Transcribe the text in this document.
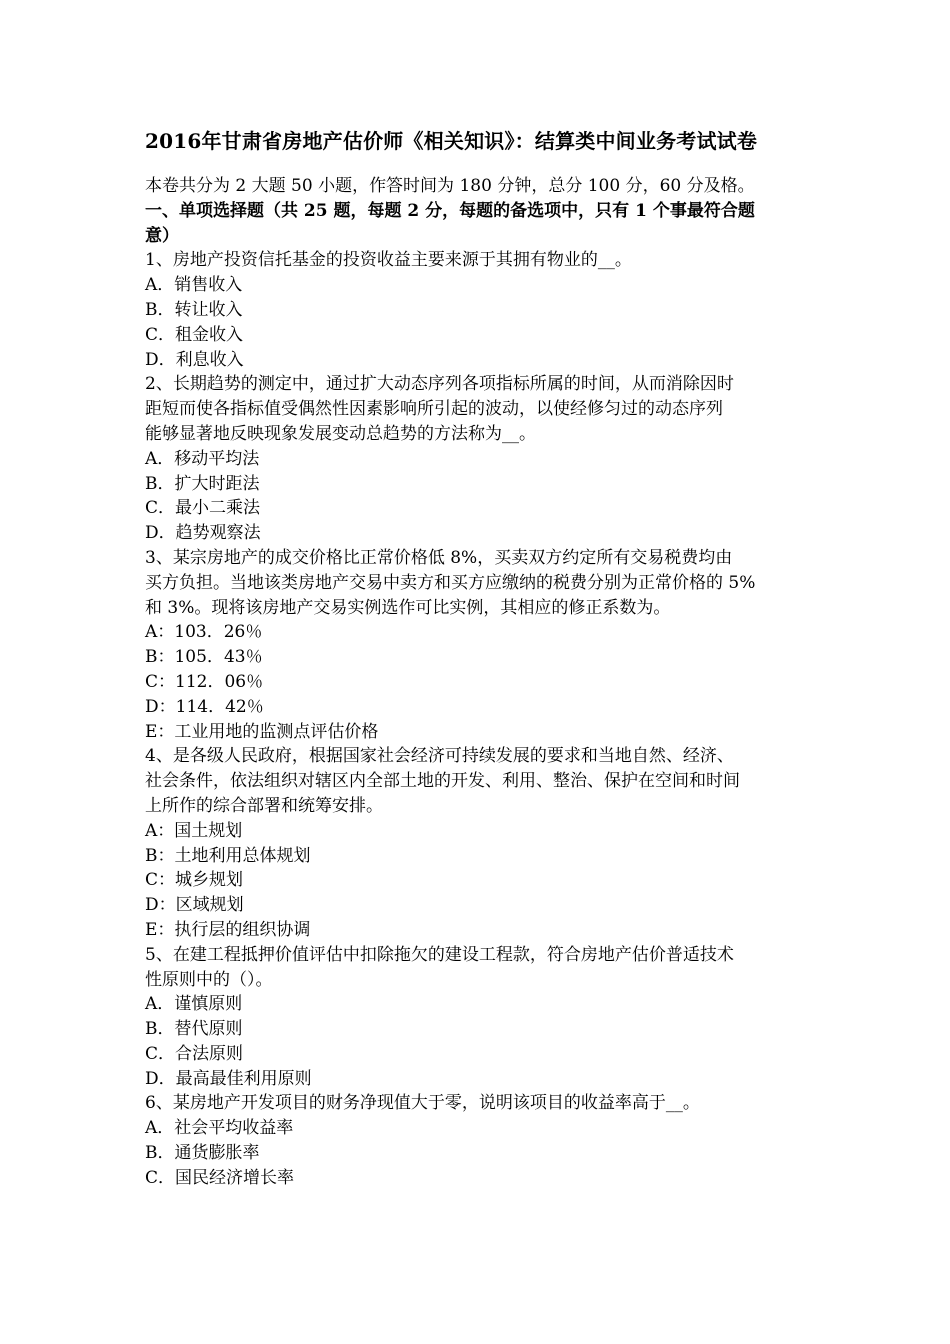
2016年甘肃省房地产估价师《相关知识》：结算类中间业务考试试卷
本卷共分为 2 大题 50 小题，作答时间为 180 分钟，总分 100 分，60 分及格。
一、单项选择题（共 25 题，每题 2 分，每题的备选项中，只有 1 个事最符合题
意）
1、房地产投资信托基金的投资收益主要来源于其拥有物业的__。
A．销售收入
B．转让收入
C．租金收入
D．利息收入
2、长期趋势的测定中，通过扩大动态序列各项指标所属的时间，从而消除因时
距短而使各指标值受偶然性因素影响所引起的波动，以使经修匀过的动态序列
能够显著地反映现象发展变动总趋势的方法称为__。
A．移动平均法
B．扩大时距法
C．最小二乘法
D．趋势观察法
3、某宗房地产的成交价格比正常价格低 8%，买卖双方约定所有交易税费均由
买方负担。当地该类房地产交易中卖方和买方应缴纳的税费分别为正常价格的 5%
和 3%。现将该房地产交易实例选作可比实例，其相应的修正系数为。
A：103．26％
B：105．43％
C：112．06％
D：114．42％
E：工业用地的监测点评估价格
4、是各级人民政府，根据国家社会经济可持续发展的要求和当地自然、经济、
社会条件，依法组织对辖区内全部土地的开发、利用、整治、保护在空间和时间
上所作的综合部署和统筹安排。
A：国土规划
B：土地利用总体规划
C：城乡规划
D：区域规划
E：执行层的组织协调
5、在建工程抵押价值评估中扣除拖欠的建设工程款，符合房地产估价普适技术
性原则中的（）。
A．谨慎原则
B．替代原则
C．合法原则
D．最高最佳利用原则
6、某房地产开发项目的财务净现值大于零，说明该项目的收益率高于__。
A．社会平均收益率
B．通货膨胀率
C．国民经济增长率
